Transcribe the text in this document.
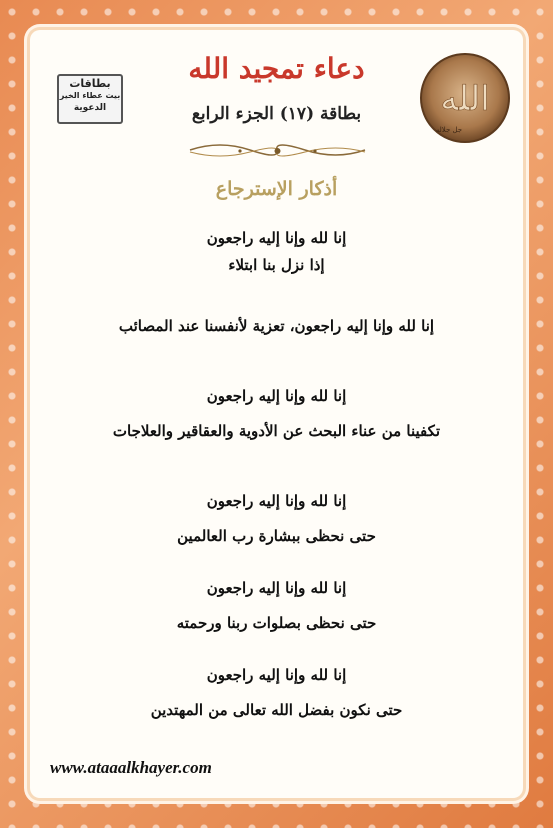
بطاقات
بيت عطاء الخير
الدعوية	الله
جل جلاله
دعاء تمجيد الله
بطاقة (١٧) الجزء الرابع
أذكار الإسترجاع
إنا لله وإنا إليه راجعون
إذا نزل بنا ابتلاء
إنا لله وإنا إليه راجعون، تعزية لأنفسنا عند المصائب
إنا لله وإنا إليه راجعون
تكفينا من عناء البحث عن الأدوية والعقاقير والعلاجات
إنا لله وإنا إليه راجعون
حتى نحظى ببشارة رب العالمين
إنا لله وإنا إليه راجعون
حتى نحظى بصلوات ربنا ورحمته
إنا لله وإنا إليه راجعون
حتى نكون بفضل الله تعالى من المهتدين
www.ataaalkhayer.com
